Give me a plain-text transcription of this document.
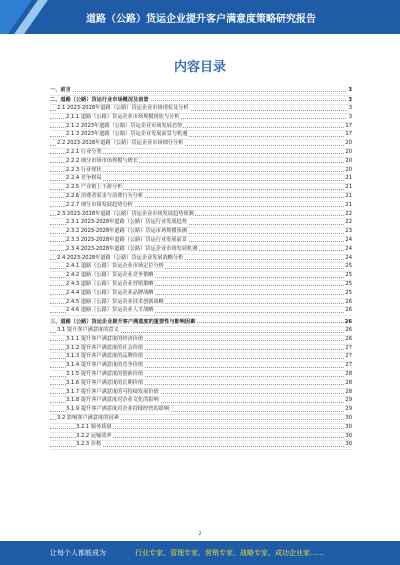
道路（公路）货运企业提升客户满意度策略研究报告
内容目录
一、前言	3
二、道路（公路）货运行业市场概况及前景	3
2.1 2023-2028年道路（公路）货运企业市场现状及分析	3
2.1.1 道路（公路）货运企业市场规模现状与分析	3
2.1.2 2023年道路（公路）货运企业市场发展态势	17
2.1.3 2023年道路（公路）货运企业发展前景与机遇	17
2.2 2023-2028年道路（公路）货运企业市场细分分析	20
2.2.1 行业分类	20
2.2.2 细分市场市场规模与增长	20
2.2.3 行业现状	20
2.2.4 竞争格局	21
2.2.5 产业链上下游分析	21
2.2.6 消费者需求与消费行为分析	21
2.2.7 细分市场发展趋势分析	21
2.3 2023-2028年道路（公路）货运企业市场发展趋势预测	22
2.3.1 2023-2028年道路（公路）货运行业发展趋势	22
2.3.2 2023-2028年道路（公路）货运市场规模预测	23
2.3.3 2023-2028年道路（公路）货运行业发展前景	24
2.3.4 2023-2028年道路（公路）货运企业市场发展机遇	24
2.4 2023-2028年道路（公路）货运企业发展战略分析	24
2.4.1 道路（公路）货运企业市场定位分析	25
2.4.2 道路（公路）货运企业竞争策略	25
2.4.3 道路（公路）货运企业营销策略	25
2.4.4 道路（公路）货运企业品牌战略	25
2.4.5 道路（公路）货运企业技术创新战略	26
2.4.6 道路（公路）货运企业人才战略	26
三、道路（公路）货运企业提升客户满意度的重要性与影响因素	26
3.1 提升客户满意度的意义	26
3.1.1 提升客户满意度的经济价值	26
3.1.2 提升客户满意度的社会价值	27
3.1.3 提升客户满意度的品牌价值	27
3.1.4 提升客户满意度的竞争价值	27
3.1.5 提升客户满意度的创新价值	28
3.1.6 提升客户满意度的长期价值	28
3.1.7 提升客户满意度的可持续发展价值	28
3.1.8 提升客户满意度对企业文化的影响	29
3.1.9 提升客户满意度对企业持续经营的影响	29
3.2 影响客户满意度的因素	30
3.2.1 服务质量	30
3.2.2 运输效率	30
3.2.3 价格	30
2
让每个人都能成为	行业专家、管理专家、营销专家、战略专家、成功企业家……
